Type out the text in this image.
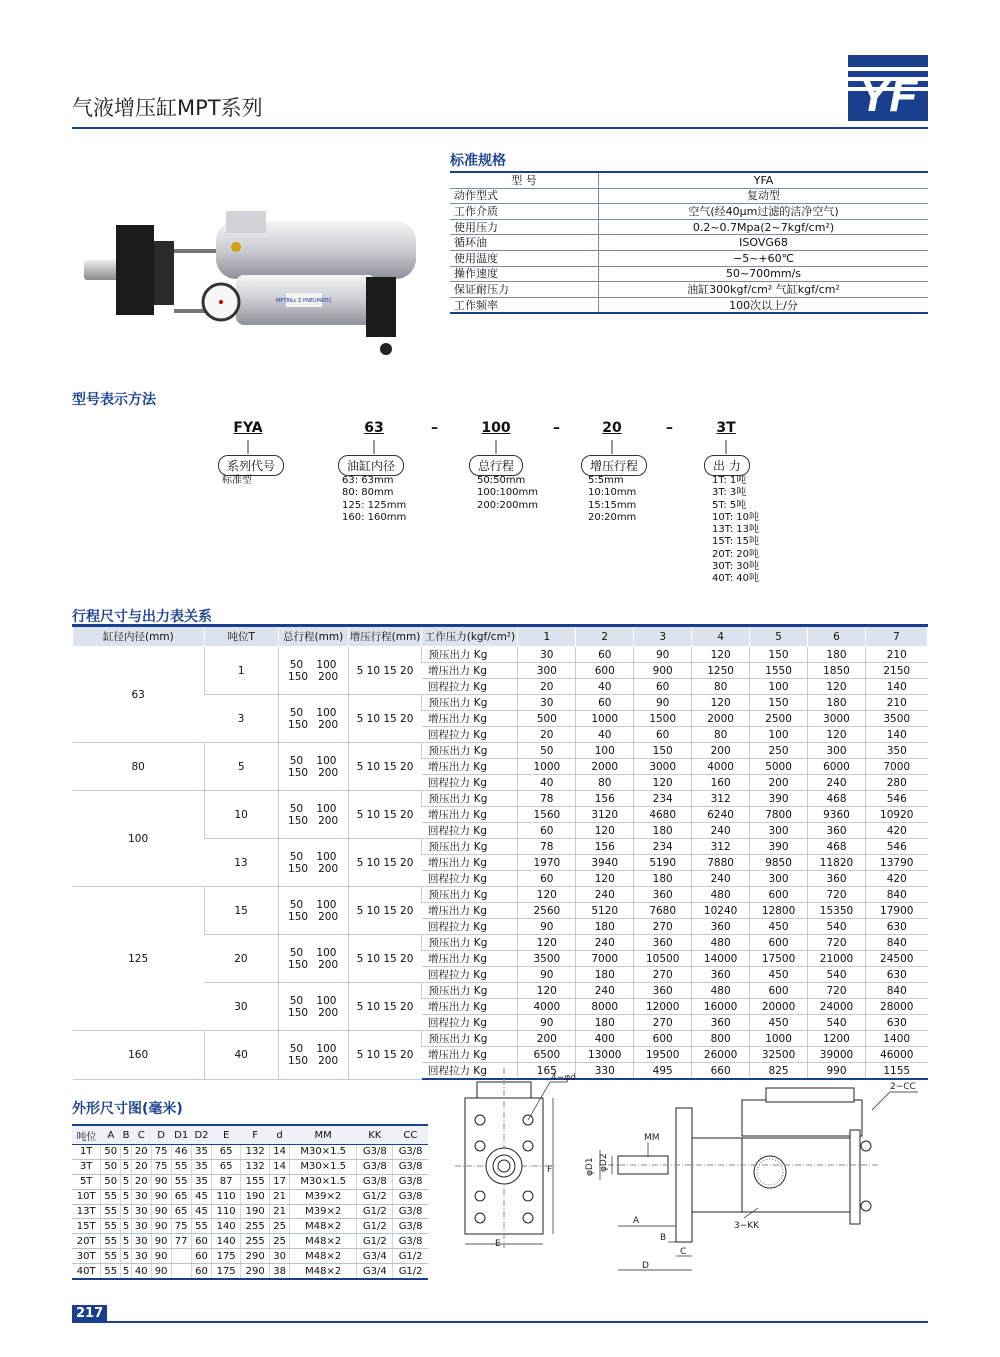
气液增压缸MPT系列	YF
MPTB&c Z PNEUMATIC
标准规格
型 号	YFA
动作型式	复动型
工作介质	空气(经40μm过滤的洁净空气)
使用压力	0.2~0.7Mpa(2~7kgf/cm²)
循环油	ISOVG68
使用温度	−5~+60℃
操作速度	50~700mm/s
保证耐压力	油缸300kgf/cm² 气缸kgf/cm²
工作频率	100次以上/分
型号表示方法
FYA	63	100	20	3T
–	–	–
系列代号	油缸内径	总行程	增压行程	出 力
标准型	63: 63mm
80: 80mm
125: 125mm
160: 160mm
50:50mm
100:100mm
200:200mm
5:5mm
10:10mm
15:15mm
20:20mm
1T: 1吨
3T: 3吨
5T: 5吨
10T: 10吨
13T: 13吨
15T: 15吨
20T: 20吨
30T: 30吨
40T: 40吨
行程尺寸与出力表关系
缸径内径(mm)	吨位T	总行程(mm)	增压行程(mm)	工作压力(kgf/cm²)	1	2	3	4	5	6	7
63	1	50    100
150   200	5 10 15 20	预压出力 Kg	30	60	90	120	150	180	210
				增压出力 Kg	300	600	900	1250	1550	1850	2150
				回程拉力 Kg	20	40	60	80	100	120	140
	3	50    100
150   200	5 10 15 20	预压出力 Kg	30	60	90	120	150	180	210
				增压出力 Kg	500	1000	1500	2000	2500	3000	3500
				回程拉力 Kg	20	40	60	80	100	120	140
80	5	50    100
150   200	5 10 15 20	预压出力 Kg	50	100	150	200	250	300	350
				增压出力 Kg	1000	2000	3000	4000	5000	6000	7000
				回程拉力 Kg	40	80	120	160	200	240	280
100	10	50    100
150   200	5 10 15 20	预压出力 Kg	78	156	234	312	390	468	546
				增压出力 Kg	1560	3120	4680	6240	7800	9360	10920
				回程拉力 Kg	60	120	180	240	300	360	420
	13	50    100
150   200	5 10 15 20	预压出力 Kg	78	156	234	312	390	468	546
				增压出力 Kg	1970	3940	5190	7880	9850	11820	13790
				回程拉力 Kg	60	120	180	240	300	360	420
125	15	50    100
150   200	5 10 15 20	预压出力 Kg	120	240	360	480	600	720	840
				增压出力 Kg	2560	5120	7680	10240	12800	15350	17900
				回程拉力 Kg	90	180	270	360	450	540	630
	20	50    100
150   200	5 10 15 20	预压出力 Kg	120	240	360	480	600	720	840
				增压出力 Kg	3500	7000	10500	14000	17500	21000	24500
				回程拉力 Kg	90	180	270	360	450	540	630
	30	50    100
150   200	5 10 15 20	预压出力 Kg	120	240	360	480	600	720	840
				增压出力 Kg	4000	8000	12000	16000	20000	24000	28000
				回程拉力 Kg	90	180	270	360	450	540	630
160	40	50    100
150   200	5 10 15 20	预压出力 Kg	200	400	600	800	1000	1200	1400
				增压出力 Kg	6500	13000	19500	26000	32500	39000	46000
				回程拉力 Kg	165	330	495	660	825	990	1155
外形尺寸图(毫米)
吨位	A	B	C	D	D1	D2	E	F	d	MM	KK	CC
1T	50	5	20	75	46	35	65	132	14	M30×1.5	G3/8	G3/8
3T	50	5	20	75	55	35	65	132	14	M30×1.5	G3/8	G3/8
5T	50	5	20	90	55	35	87	155	17	M30×1.5	G3/8	G3/8
10T	55	5	30	90	65	45	110	190	21	M39×2	G1/2	G3/8
13T	55	5	30	90	65	45	110	190	21	M39×2	G1/2	G3/8
15T	55	5	30	90	75	55	140	255	25	M48×2	G1/2	G3/8
20T	55	5	30	90	77	60	140	255	25	M48×2	G1/2	G3/8
30T	55	5	30	90		60	175	290	30	M48×2	G3/4	G1/2
40T	55	5	40	90		60	175	290	38	M48×2	G3/4	G1/2
4−φd
F
E
2−CC
MM
φD1 φD2
A
B
C
D
3−KK
217
